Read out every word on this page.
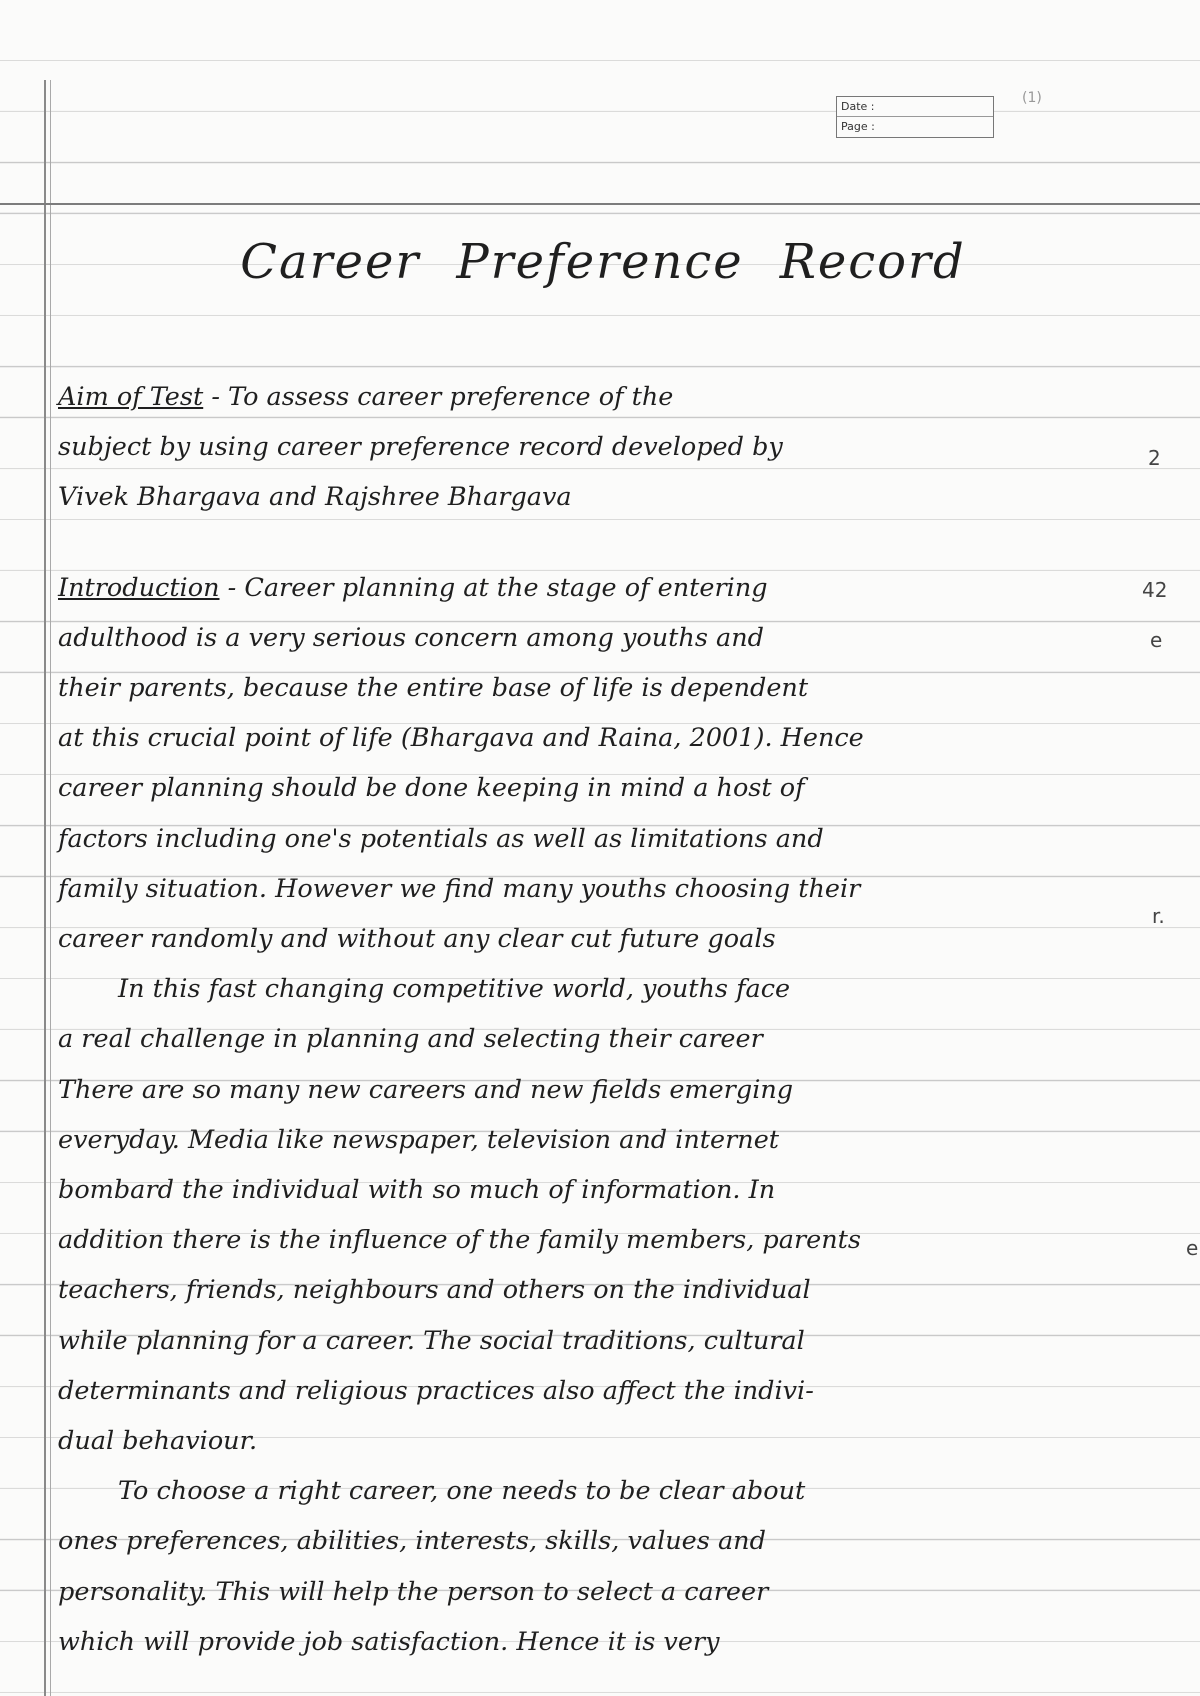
Date :
Page :
(1)
42
2
e
r.
e
Career Preference Record
Aim of Test - To assess career preference of the
subject by using career preference record developed by
Vivek Bhargava and Rajshree Bhargava
Introduction - Career planning at the stage of entering
adulthood is a very serious concern among youths and
their parents, because the entire base of life is dependent
at this crucial point of life (Bhargava and Raina, 2001). Hence
career planning should be done keeping in mind a host of
factors including one's potentials as well as limitations and
family situation. However we find many youths choosing their
career randomly and without any clear cut future goals
In this fast changing competitive world, youths face
a real challenge in planning and selecting their career
There are so many new careers and new fields emerging
everyday. Media like newspaper, television and internet
bombard the individual with so much of information. In
addition there is the influence of the family members, parents
teachers, friends, neighbours and others on the individual
while planning for a career. The social traditions, cultural
determinants and religious practices also affect the indivi-
dual behaviour.
To choose a right career, one needs to be clear about
ones preferences, abilities, interests, skills, values and
personality. This will help the person to select a career
which will provide job satisfaction. Hence it is very
